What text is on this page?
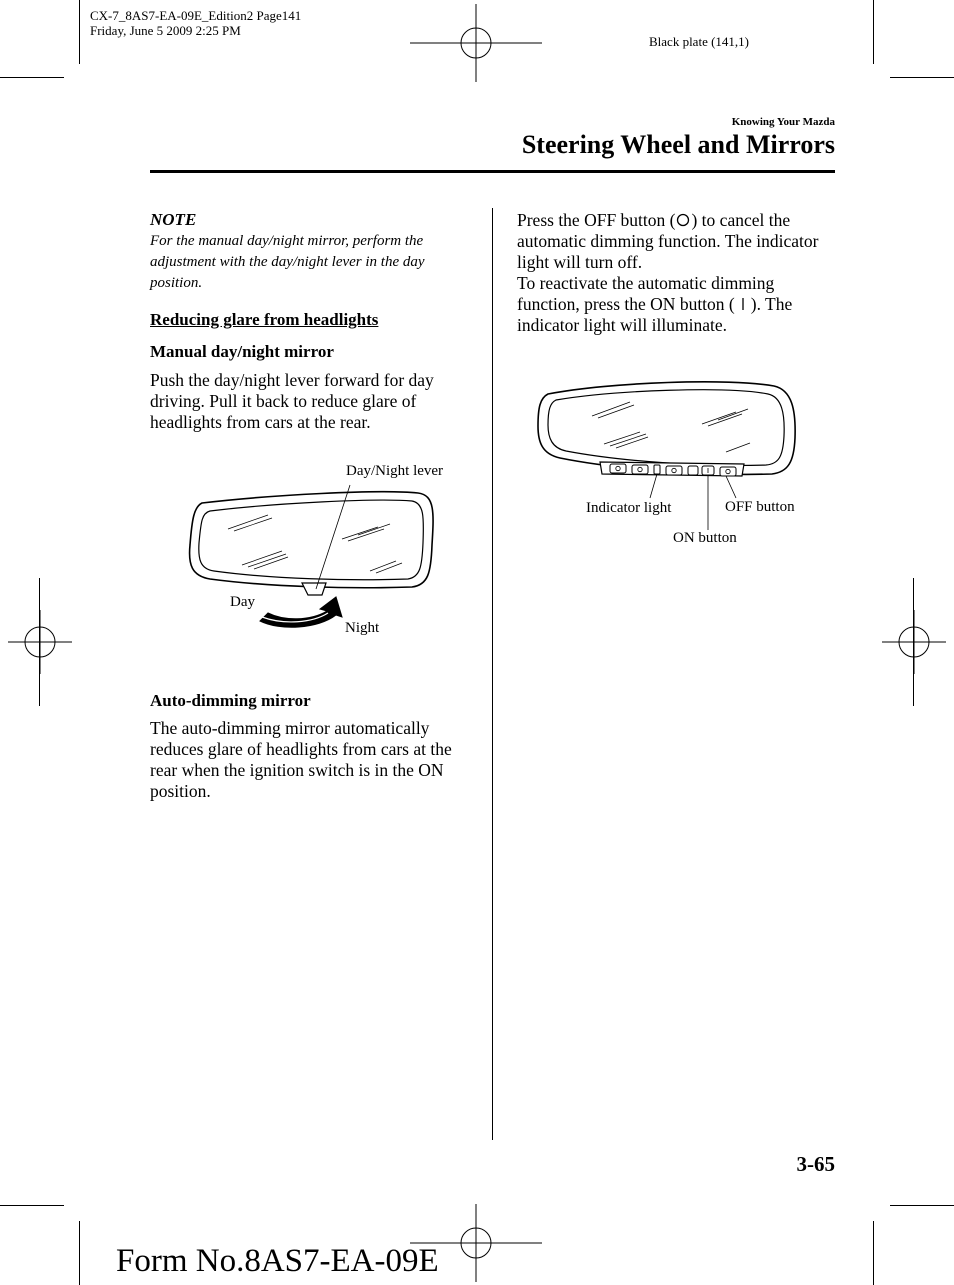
CX-7_8AS7-EA-09E_Edition2 Page141
Friday, June 5 2009 2:25 PM
Black plate (141,1)
Knowing Your Mazda
Steering Wheel and Mirrors
NOTE
For the manual day/night mirror, perform the adjustment with the day/night lever in the day position.
Reducing glare from headlights
Manual day/night mirror
Push the day/night lever forward for day driving. Pull it back to reduce glare of headlights from cars at the rear.
Day/Night lever
Day
Night
Auto-dimming mirror
The auto-dimming mirror automatically reduces glare of headlights from cars at the rear when the ignition switch is in the ON position.
Press the OFF button ( ) to cancel the automatic dimming function. The indicator light will turn off.
To reactivate the automatic dimming function, press the ON button ( ). The indicator light will illuminate.
Indicator light	OFF button
ON button
3-65
Form No.8AS7-EA-09E
